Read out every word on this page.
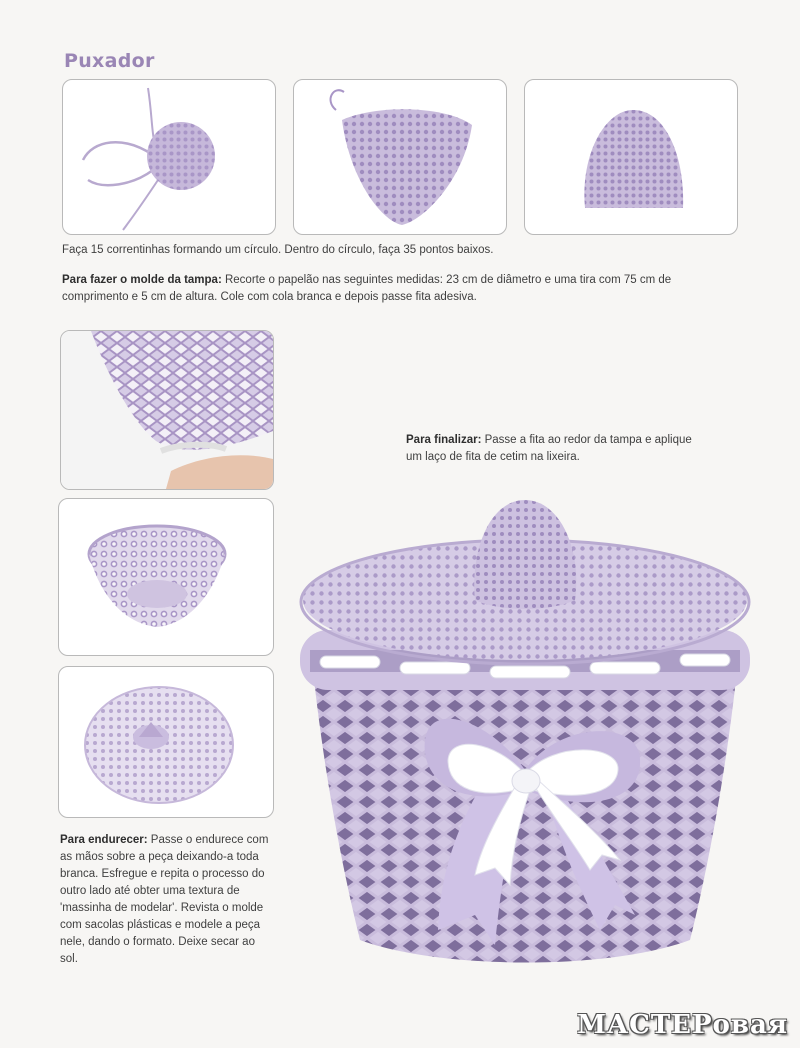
Puxador
Faça 15 correntinhas formando um círculo. Dentro do círculo, faça 35 pontos baixos.
Para fazer o molde da tampa: Recorte o papelão nas seguintes medidas: 23 cm de diâmetro e uma tira com 75 cm de comprimento e 5 cm de altura. Cole com cola branca e depois passe fita adesiva.
Para endurecer: Passe o endurece com as mãos sobre a peça deixando-a toda branca. Esfregue e repita o processo do outro lado até obter uma textura de 'massinha de modelar'. Revista o molde com sacolas plásticas e modele a peça nele, dando o formato. Deixe secar ao sol.
Para finalizar: Passe a fita ao redor da tampa e aplique um laço de fita de cetim na lixeira.
МАСТЕРовая
